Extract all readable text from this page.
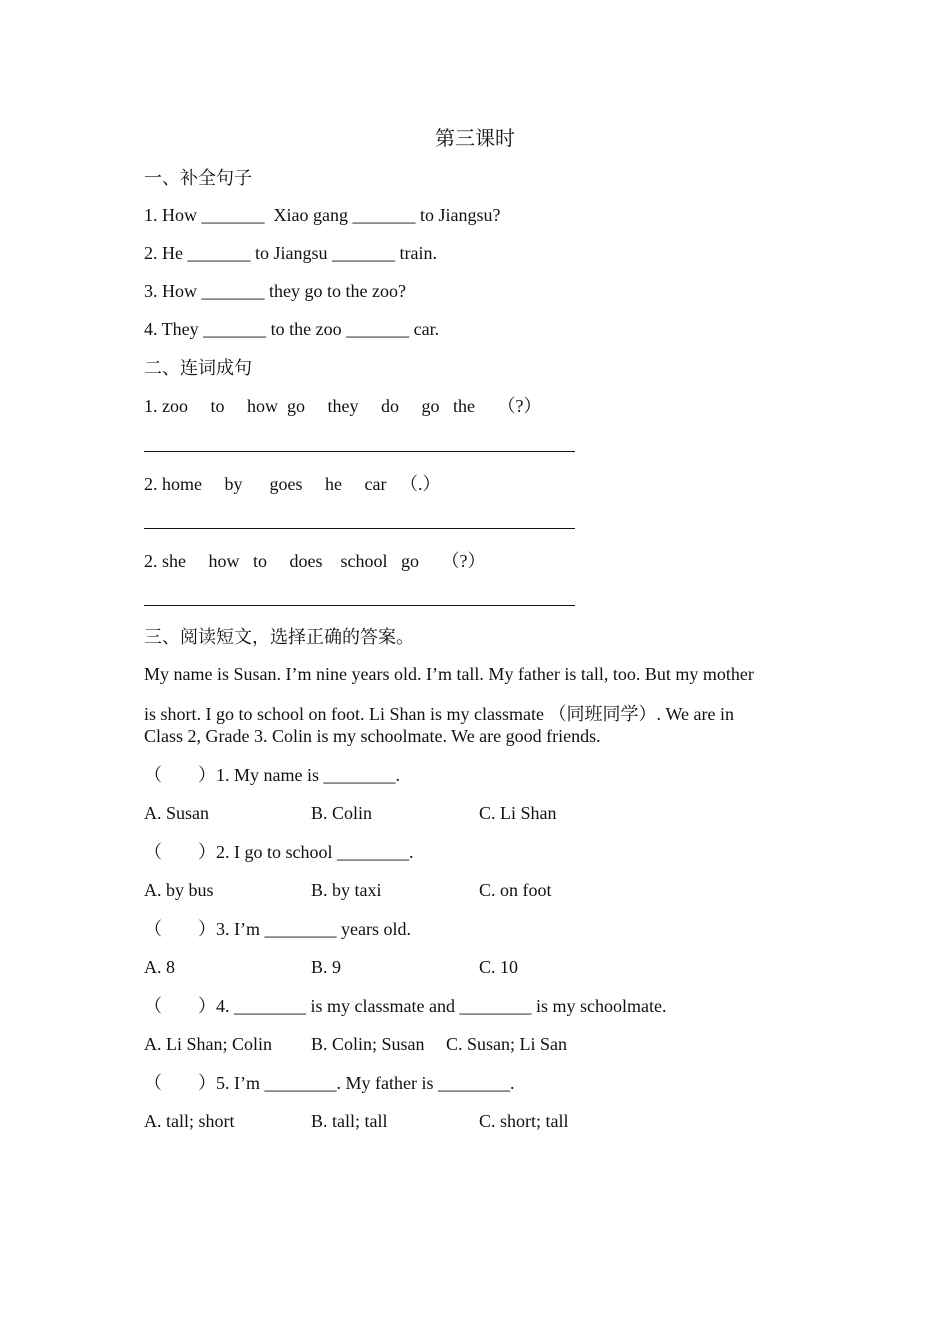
第三课时
一、补全句子
1. How _______  Xiao gang _______ to Jiangsu?
2. He _______ to Jiangsu _______ train.
3. How _______ they go to the zoo?
4. They _______ to the zoo _______ car.
二、连词成句
1. zoo     to     how  go     they     do     go   the     （?）
2. home     by      goes     he     car   （.）
2. she     how   to     does    school   go     （?）
三、阅读短文，选择正确的答案。
My name is Susan. I’m nine years old. I’m tall. My father is tall, too. But my mother
is short. I go to school on foot. Li Shan is my classmate （同班同学）. We are in
Class 2, Grade 3. Colin is my schoolmate. We are good friends.
（        ）1. My name is ________.
A. Susan	B. Colin	C. Li Shan
（        ）2. I go to school ________.
A. by bus	B. by taxi	C. on foot
（        ）3. I’m ________ years old.
A. 8	B. 9	C. 10
（        ）4. ________ is my classmate and ________ is my schoolmate.
A. Li Shan; Colin B. Colin; Susan C. Susan; Li San
（        ）5. I’m ________. My father is ________.
A. tall; short	B. tall; tall	C. short; tall
